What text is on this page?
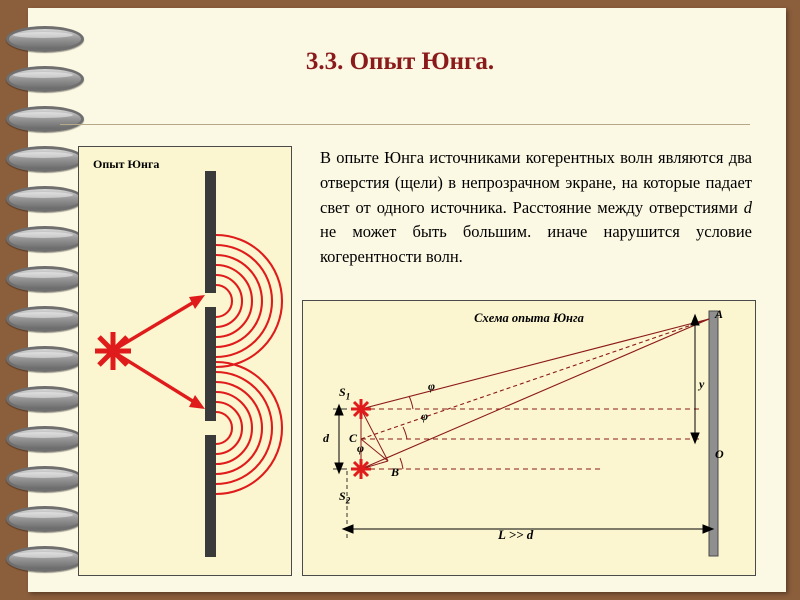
3.3. Опыт Юнга.
Опыт Юнга	В опыте Юнга источниками когерентных волн являются два отверстия (щели) в непрозрачном экране, на которые падает свет от одного источника. Расстояние между отверстиями d не может быть большим. иначе нарушится условие когерентности волн.
Схема опыта Юнга
$S_1$
$S_2$
A
O
B
C
d
y
φ
φ
φ
L >> d
